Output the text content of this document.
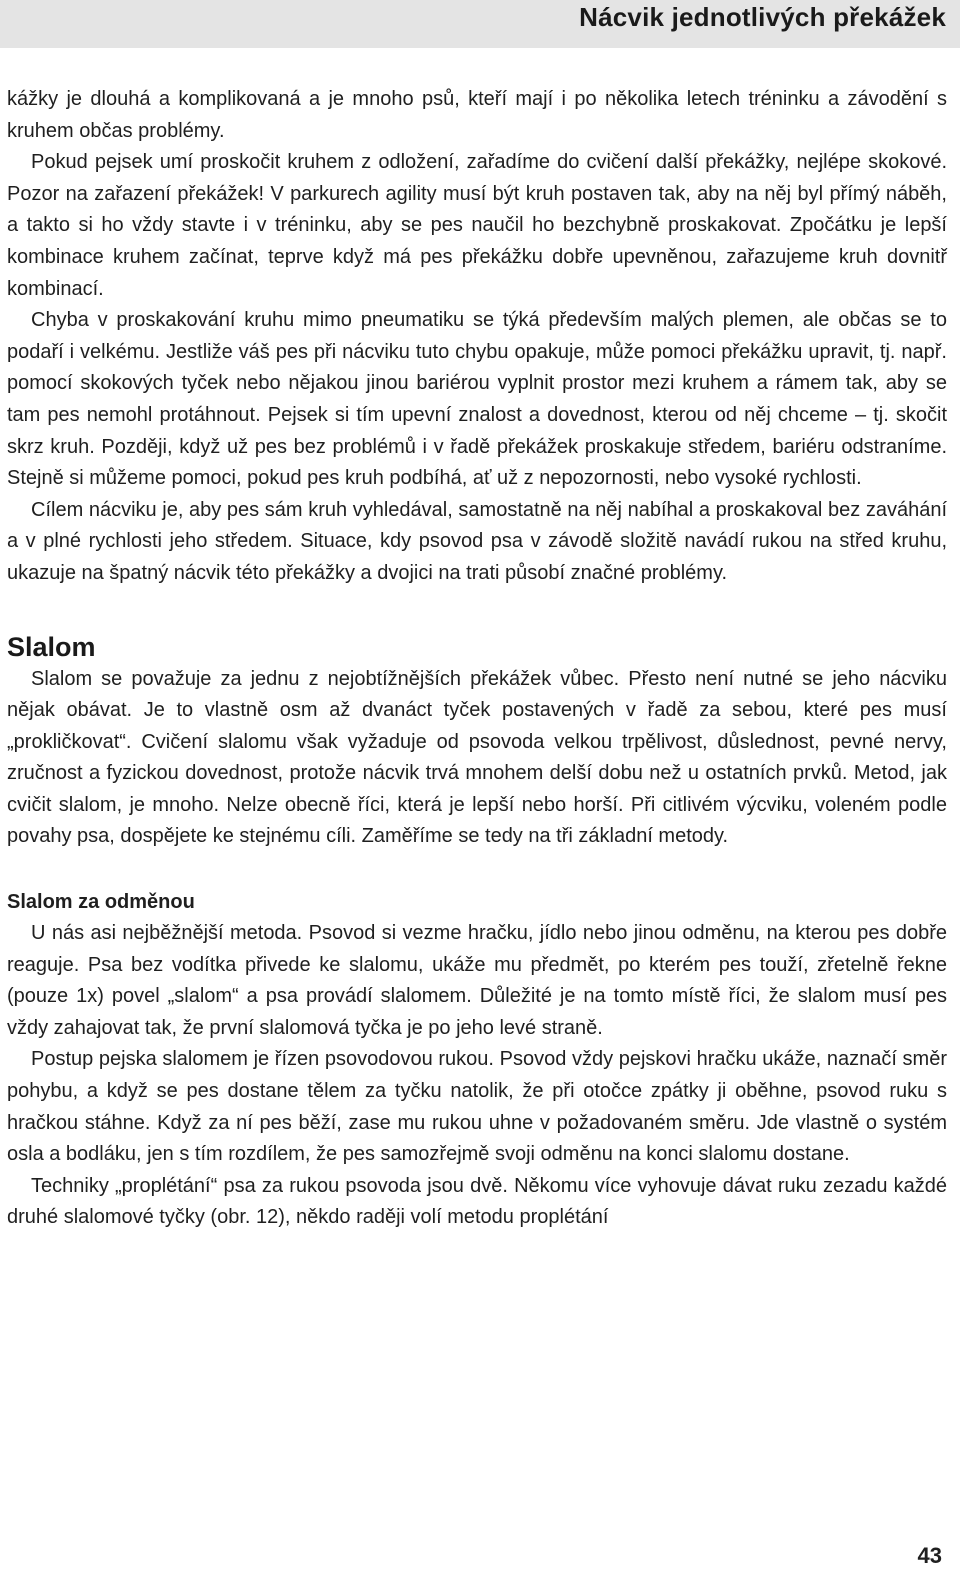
Nácvik jednotlivých překážek

kážky je dlouhá a komplikovaná a je mnoho psů, kteří mají i po několika letech tréninku a závodění s kruhem občas problémy.

Pokud pejsek umí proskočit kruhem z odložení, zařadíme do cvičení další překážky, nejlépe skokové. Pozor na zařazení překážek! V parkurech agility musí být kruh postaven tak, aby na něj byl přímý náběh, a takto si ho vždy stavte i v tréninku, aby se pes naučil ho bezchybně proskakovat. Zpočátku je lepší kombinace kruhem začínat, teprve když má pes překážku dobře upevněnou, zařazujeme kruh dovnitř kombinací.

Chyba v proskakování kruhu mimo pneumatiku se týká především malých plemen, ale občas se to podaří i velkému. Jestliže váš pes při nácviku tuto chybu opakuje, může pomoci překážku upravit, tj. např. pomocí skokových tyček nebo nějakou jinou bariérou vyplnit prostor mezi kruhem a rámem tak, aby se tam pes nemohl protáhnout. Pejsek si tím upevní znalost a dovednost, kterou od něj chceme – tj. skočit skrz kruh. Později, když už pes bez problémů i v řadě překážek proskakuje středem, bariéru odstraníme. Stejně si můžeme pomoci, pokud pes kruh podbíhá, ať už z nepozornosti, nebo vysoké rychlosti.

Cílem nácviku je, aby pes sám kruh vyhledával, samostatně na něj nabíhal a proskakoval bez zaváhání a v plné rychlosti jeho středem. Situace, kdy psovod psa v závodě složitě navádí rukou na střed kruhu, ukazuje na špatný nácvik této překážky a dvojici na trati působí značné problémy.

Slalom

Slalom se považuje za jednu z nejobtížnějších překážek vůbec. Přesto není nutné se jeho nácviku nějak obávat. Je to vlastně osm až dvanáct tyček postavených v řadě za sebou, které pes musí „prokličkovat“. Cvičení slalomu však vyžaduje od psovoda velkou trpělivost, důslednost, pevné nervy, zručnost a fyzickou dovednost, protože nácvik trvá mnohem delší dobu než u ostatních prvků. Metod, jak cvičit slalom, je mnoho. Nelze obecně říci, která je lepší nebo horší. Při citlivém výcviku, voleném podle povahy psa, dospějete ke stejnému cíli. Zaměříme se tedy na tři základní metody.

Slalom za odměnou

U nás asi nejběžnější metoda. Psovod si vezme hračku, jídlo nebo jinou odměnu, na kterou pes dobře reaguje. Psa bez vodítka přivede ke slalomu, ukáže mu předmět, po kterém pes touží, zřetelně řekne (pouze 1x) povel „slalom“ a psa provádí slalomem. Důležité je na tomto místě říci, že slalom musí pes vždy zahajovat tak, že první slalomová tyčka je po jeho levé straně.

Postup pejska slalomem je řízen psovodovou rukou. Psovod vždy pejskovi hračku ukáže, naznačí směr pohybu, a když se pes dostane tělem za tyčku natolik, že při otočce zpátky ji oběhne, psovod ruku s hračkou stáhne. Když za ní pes běží, zase mu rukou uhne v požadovaném směru. Jde vlastně o systém osla a bodláku, jen s tím rozdílem, že pes samozřejmě svoji odměnu na konci slalomu dostane.

Techniky „proplétání“ psa za rukou psovoda jsou dvě. Někomu více vyhovuje dávat ruku zezadu každé druhé slalomové tyčky (obr. 12), někdo raději volí metodu proplétání

43
